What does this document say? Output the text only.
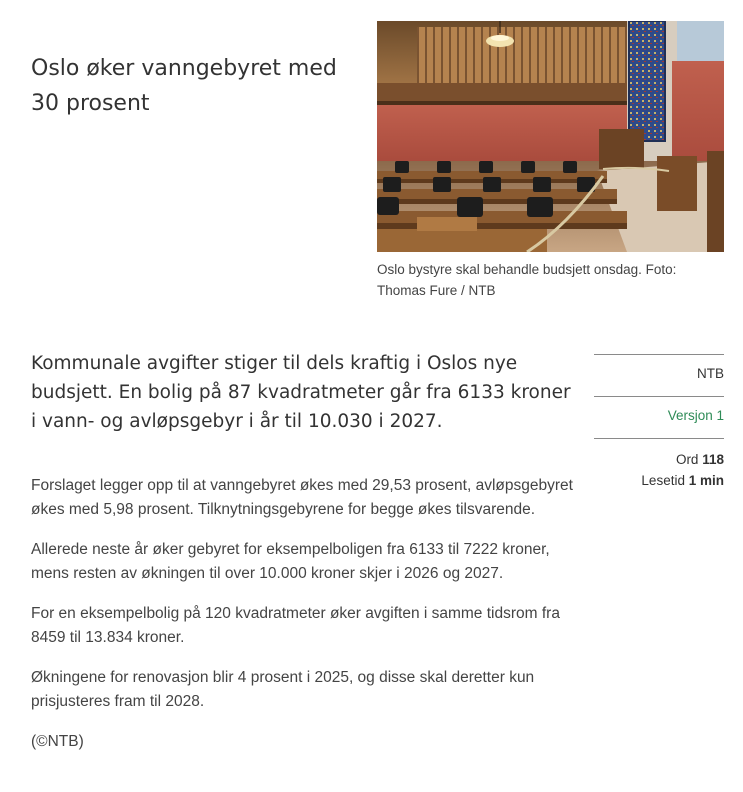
Oslo øker vanngebyret med 30 prosent

Oslo bystyre skal behandle budsjett onsdag. Foto: Thomas Fure / NTB

Kommunale avgifter stiger til dels kraftig i Oslos nye budsjett. En bolig på 87 kvadratmeter går fra 6133 kroner i vann- og avløpsgebyr i år til 10.030 i 2027.

Forslaget legger opp til at vanngebyret økes med 29,53 prosent, avløpsgebyret økes med 5,98 prosent. Tilknytningsgebyrene for begge økes tilsvarende.

Allerede neste år øker gebyret for eksempelboligen fra 6133 til 7222 kroner, mens resten av økningen til over 10.000 kroner skjer i 2026 og 2027.

For en eksempelbolig på 120 kvadratmeter øker avgiften i samme tidsrom fra 8459 til 13.834 kroner.

Økningene for renovasjon blir 4 prosent i 2025, og disse skal deretter kun prisjusteres fram til 2028.

(©NTB)

NTB
Versjon 1
Ord 118
Lesetid 1 min
